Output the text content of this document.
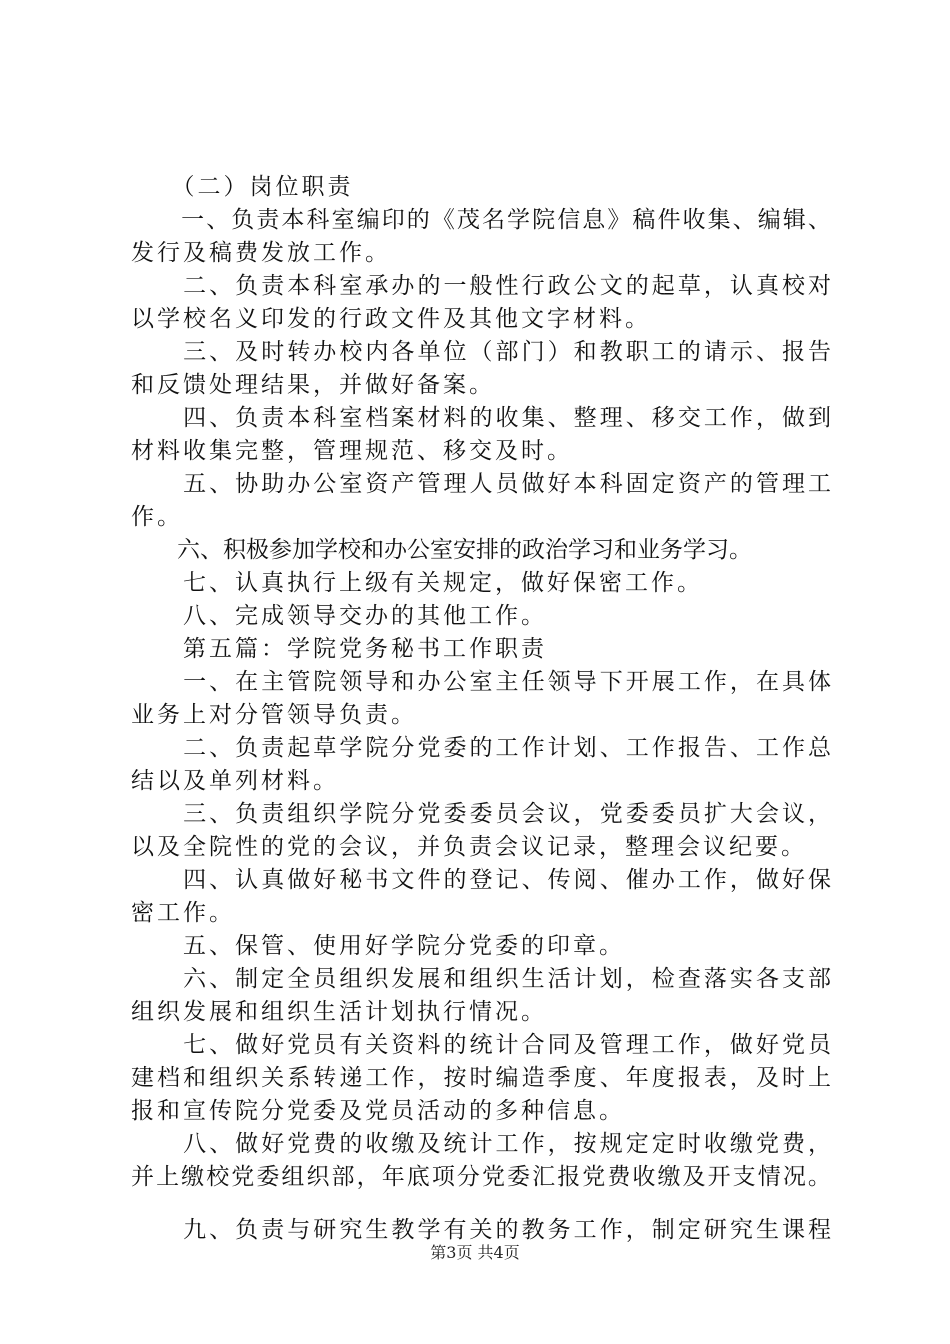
　　（二）岗位职责
　　一、负责本科室编印的《茂名学院信息》稿件收集、编辑、
发行及稿费发放工作。
　　二、负责本科室承办的一般性行政公文的起草，认真校对
以学校名义印发的行政文件及其他文字材料。
　　三、及时转办校内各单位（部门）和教职工的请示、报告
和反馈处理结果，并做好备案。
　　四、负责本科室档案材料的收集、整理、移交工作，做到
材料收集完整，管理规范、移交及时。
　　五、协助办公室资产管理人员做好本科固定资产的管理工
作。
　　六、积极参加学校和办公室安排的政治学习和业务学习。
　　七、认真执行上级有关规定，做好保密工作。
　　八、完成领导交办的其他工作。
　　第五篇：学院党务秘书工作职责
　　一、在主管院领导和办公室主任领导下开展工作，在具体
业务上对分管领导负责。
　　二、负责起草学院分党委的工作计划、工作报告、工作总
结以及单列材料。
　　三、负责组织学院分党委委员会议，党委委员扩大会议，
以及全院性的党的会议，并负责会议记录，整理会议纪要。
　　四、认真做好秘书文件的登记、传阅、催办工作，做好保
密工作。
　　五、保管、使用好学院分党委的印章。
　　六、制定全员组织发展和组织生活计划，检查落实各支部
组织发展和组织生活计划执行情况。
　　七、做好党员有关资料的统计合同及管理工作，做好党员
建档和组织关系转递工作，按时编造季度、年度报表，及时上
报和宣传院分党委及党员活动的多种信息。
　　八、做好党费的收缴及统计工作，按规定定时收缴党费，
并上缴校党委组织部，年底项分党委汇报党费收缴及开支情况。
　　九、负责与研究生教学有关的教务工作，制定研究生课程
第3页 共4页
